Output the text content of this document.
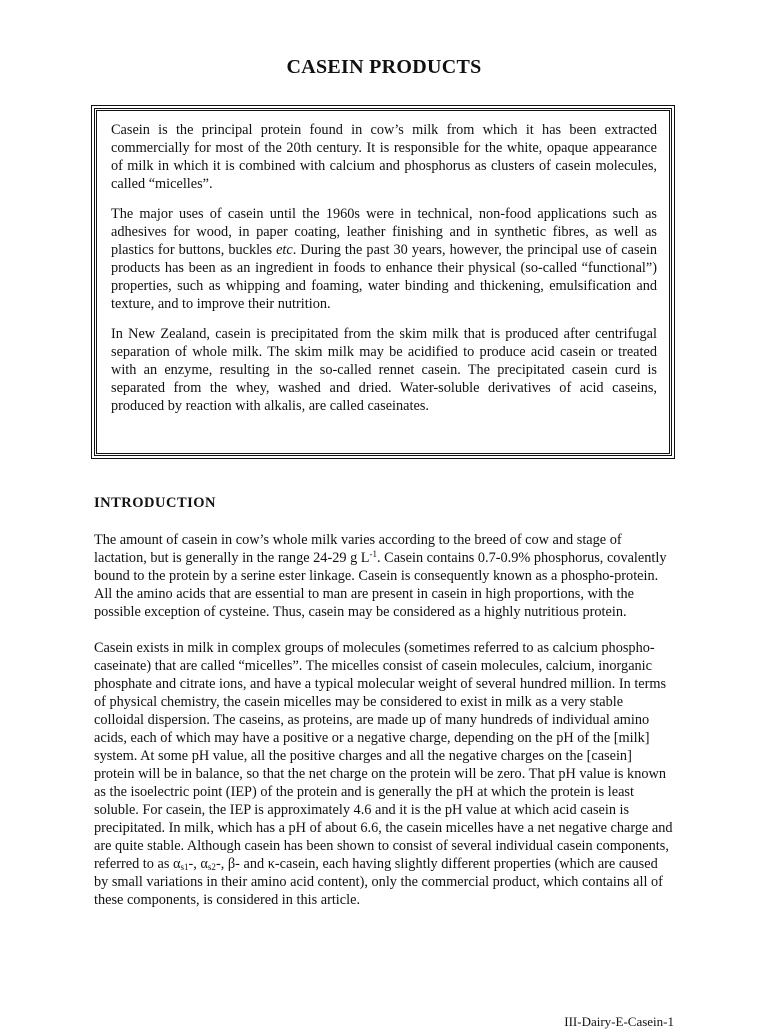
CASEIN PRODUCTS

Casein is the principal protein found in cow’s milk from which it has been extracted commercially for most of the 20th century. It is responsible for the white, opaque appearance of milk in which it is combined with calcium and phosphorus as clusters of casein molecules, called “micelles”.

The major uses of casein until the 1960s were in technical, non-food applications such as adhesives for wood, in paper coating, leather finishing and in synthetic fibres, as well as plastics for buttons, buckles etc. During the past 30 years, however, the principal use of casein products has been as an ingredient in foods to enhance their physical (so-called “functional”) properties, such as whipping and foaming, water binding and thickening, emulsification and texture, and to improve their nutrition.

In New Zealand, casein is precipitated from the skim milk that is produced after centrifugal separation of whole milk. The skim milk may be acidified to produce acid casein or treated with an enzyme, resulting in the so-called rennet casein. The precipitated casein curd is separated from the whey, washed and dried. Water-soluble derivatives of acid caseins, produced by reaction with alkalis, are called caseinates.

INTRODUCTION

The amount of casein in cow’s whole milk varies according to the breed of cow and stage of lactation, but is generally in the range 24-29 g $L^{-1}$. Casein contains 0.7-0.9% phosphorus, covalently bound to the protein by a serine ester linkage. Casein is consequently known as a phospho-protein. All the amino acids that are essential to man are present in casein in high proportions, with the possible exception of cysteine. Thus, casein may be considered as a highly nutritious protein.

Casein exists in milk in complex groups of molecules (sometimes referred to as calcium phospho-caseinate) that are called “micelles”. The micelles consist of casein molecules, calcium, inorganic phosphate and citrate ions, and have a typical molecular weight of several hundred million. In terms of physical chemistry, the casein micelles may be considered to exist in milk as a very stable colloidal dispersion. The caseins, as proteins, are made up of many hundreds of individual amino acids, each of which may have a positive or a negative charge, depending on the pH of the [milk] system. At some pH value, all the positive charges and all the negative charges on the [casein] protein will be in balance, so that the net charge on the protein will be zero. That pH value is known as the isoelectric point (IEP) of the protein and is generally the pH at which the protein is least soluble. For casein, the IEP is approximately 4.6 and it is the pH value at which acid casein is precipitated. In milk, which has a pH of about 6.6, the casein micelles have a net negative charge and are quite stable. Although casein has been shown to consist of several individual casein components, referred to as $\alpha_{s1}-$, $\alpha_{s2}-$, β- and κ-casein, each having slightly different properties (which are caused by small variations in their amino acid content), only the commercial product, which contains all of these components, is considered in this article.

III-Dairy-E-Casein-1
